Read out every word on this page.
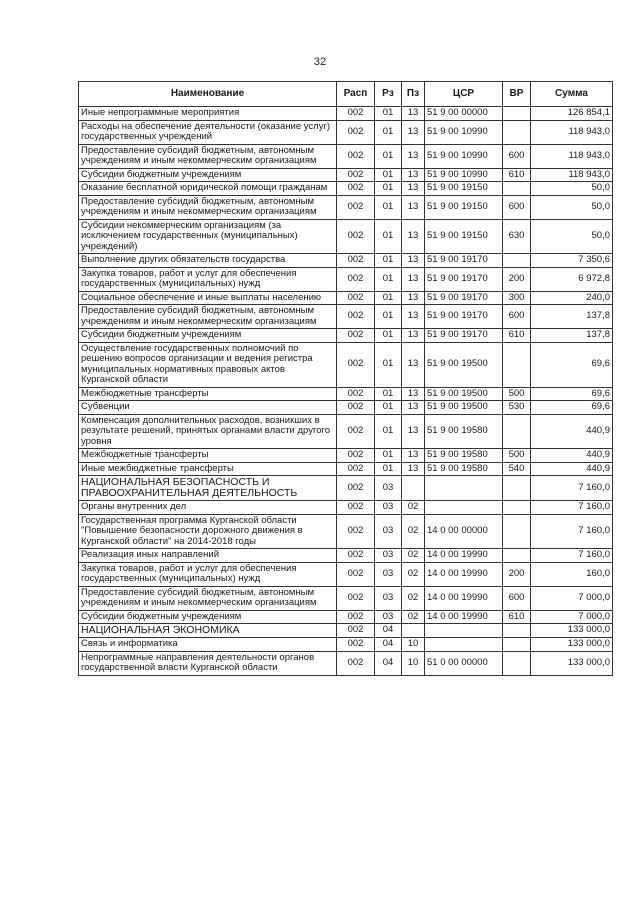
32
Наименование	Расп	Рз	Пз	ЦСР	ВР	Сумма
Иные непрограммные мероприятия	002	01	13	51 9 00 00000		126 854,1
Расходы на обеспечение деятельности (оказание услуг) государственных учреждений	002	01	13	51 9 00 10990		118 943,0
Предоставление субсидий бюджетным, автономным учреждениям и иным некоммерческим организациям	002	01	13	51 9 00 10990	600	118 943,0
Субсидии бюджетным учреждениям	002	01	13	51 9 00 10990	610	118 943,0
Оказание бесплатной юридической помощи гражданам	002	01	13	51 9 00 19150		50,0
Предоставление субсидий бюджетным, автономным учреждениям и иным некоммерческим организациям	002	01	13	51 9 00 19150	600	50,0
Субсидии некоммерческим организациям (за исключением государственных (муниципальных) учреждений)	002	01	13	51 9 00 19150	630	50,0
Выполнение других обязательств государства	002	01	13	51 9 00 19170		7 350,6
Закупка товаров, работ и услуг для обеспечения государственных (муниципальных) нужд	002	01	13	51 9 00 19170	200	6 972,8
Социальное обеспечение и иные выплаты населению	002	01	13	51 9 00 19170	300	240,0
Предоставление субсидий бюджетным, автономным учреждениям и иным некоммерческим организациям	002	01	13	51 9 00 19170	600	137,8
Субсидии бюджетным учреждениям	002	01	13	51 9 00 19170	610	137,8
Осуществление государственных полномочий по решению вопросов организации и ведения регистра муниципальных нормативных правовых актов Курганской области	002	01	13	51 9 00 19500		69,6
Межбюджетные трансферты	002	01	13	51 9 00 19500	500	69,6
Субвенции	002	01	13	51 9 00 19500	530	69,6
Компенсация дополнительных расходов, возникших в результате решений, принятых органами власти другого уровня	002	01	13	51 9 00 19580		440,9
Межбюджетные трансферты	002	01	13	51 9 00 19580	500	440,9
Иные межбюджетные трансферты	002	01	13	51 9 00 19580	540	440,9
НАЦИОНАЛЬНАЯ БЕЗОПАСНОСТЬ И ПРАВООХРАНИТЕЛЬНАЯ ДЕЯТЕЛЬНОСТЬ	002	03				7 160,0
Органы внутренних дел	002	03	02			7 160,0
Государственная программа Курганской области "Повышение безопасности дорожного движения в Курганской области" на 2014-2018 годы	002	03	02	14 0 00 00000		7 160,0
Реализация иных направлений	002	03	02	14 0 00 19990		7 160,0
Закупка товаров, работ и услуг для обеспечения государственных (муниципальных) нужд	002	03	02	14 0 00 19990	200	160,0
Предоставление субсидий бюджетным, автономным учреждениям и иным некоммерческим организациям	002	03	02	14 0 00 19990	600	7 000,0
Субсидии бюджетным учреждениям	002	03	02	14 0 00 19990	610	7 000,0
НАЦИОНАЛЬНАЯ ЭКОНОМИКА	002	04				133 000,0
Связь и информатика	002	04	10			133 000,0
Непрограммные направления деятельности органов государственной власти Курганской области	002	04	10	51 0 00 00000		133 000,0
